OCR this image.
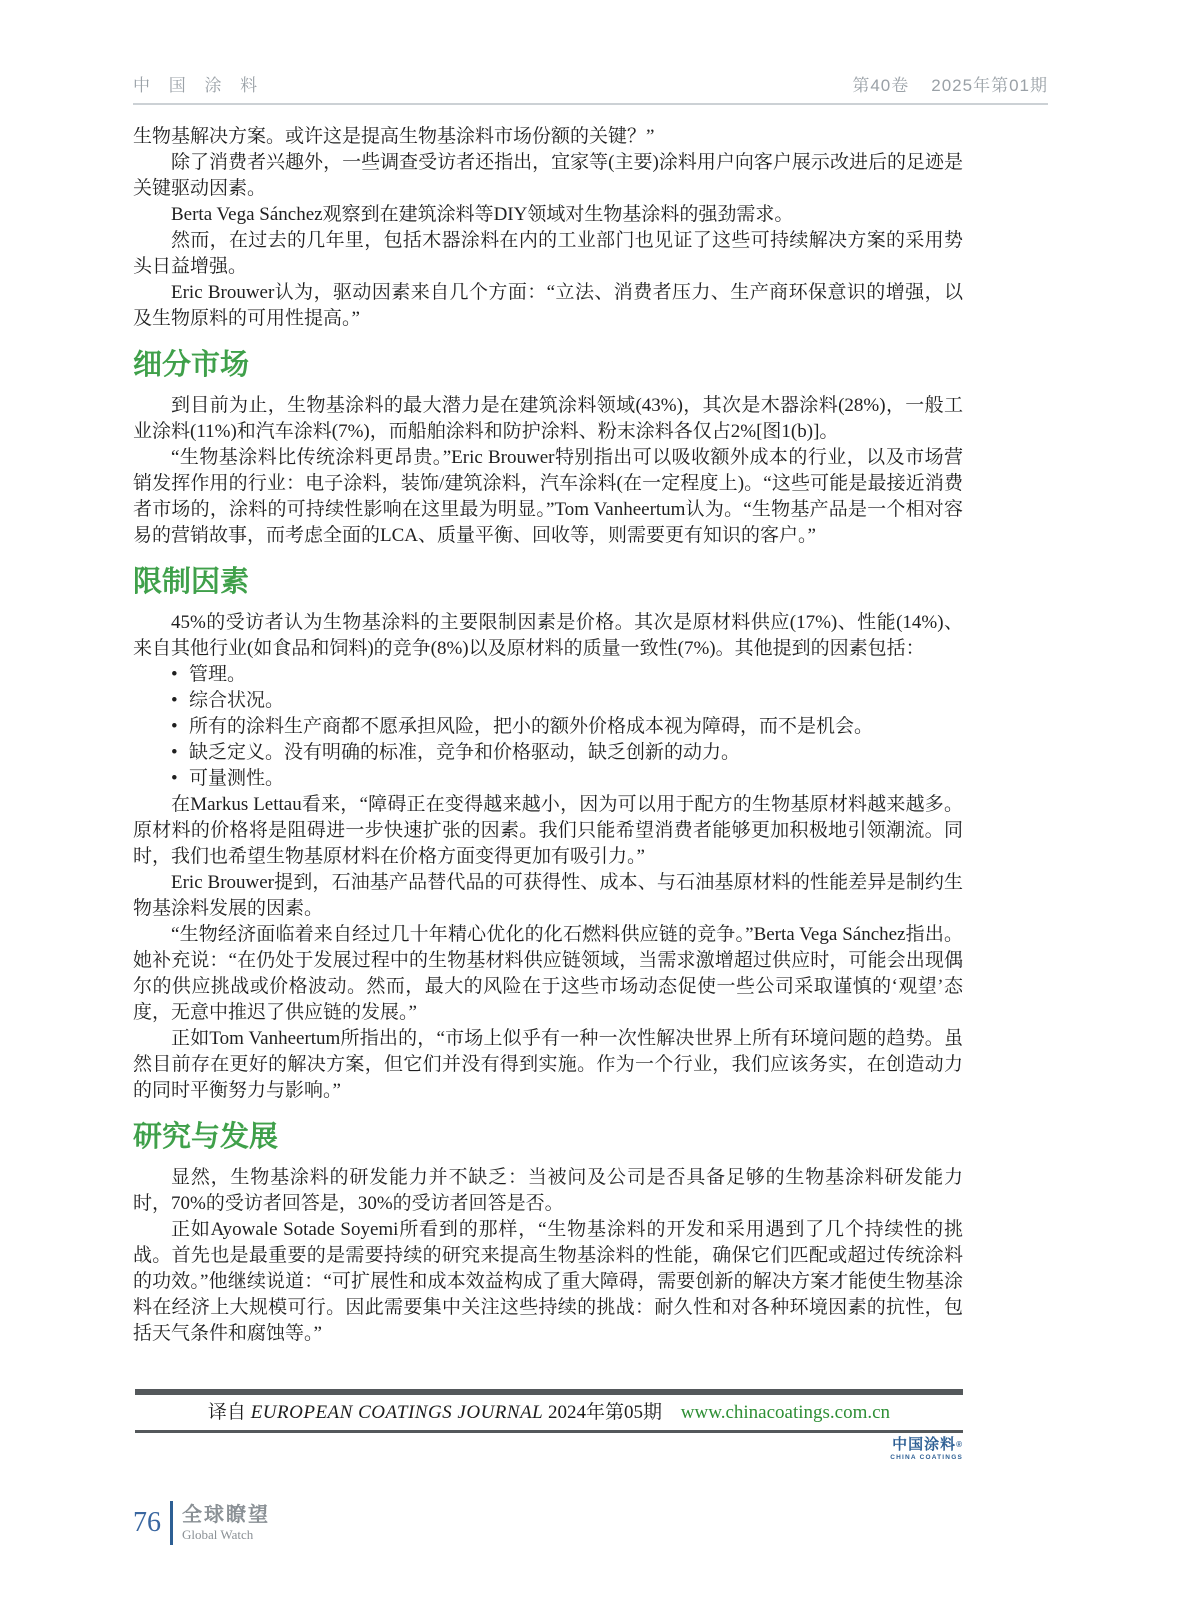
中 国 涂 料	第40卷 2025年第01期

生物基解决方案。或许这是提高生物基涂料市场份额的关键？”

除了消费者兴趣外，一些调查受访者还指出，宜家等(主要)涂料用户向客户展示改进后的足迹是关键驱动因素。

Berta Vega Sánchez观察到在建筑涂料等DIY领域对生物基涂料的强劲需求。

然而，在过去的几年里，包括木器涂料在内的工业部门也见证了这些可持续解决方案的采用势头日益增强。

Eric Brouwer认为，驱动因素来自几个方面：“立法、消费者压力、生产商环保意识的增强，以及生物原料的可用性提高。”

细分市场

到目前为止，生物基涂料的最大潜力是在建筑涂料领域(43%)，其次是木器涂料(28%)，一般工业涂料(11%)和汽车涂料(7%)，而船舶涂料和防护涂料、粉末涂料各仅占2%[图1(b)]。

“生物基涂料比传统涂料更昂贵。”Eric Brouwer特别指出可以吸收额外成本的行业，以及市场营销发挥作用的行业：电子涂料，装饰/建筑涂料，汽车涂料(在一定程度上)。“这些可能是最接近消费者市场的，涂料的可持续性影响在这里最为明显。”Tom Vanheertum认为。“生物基产品是一个相对容易的营销故事，而考虑全面的LCA、质量平衡、回收等，则需要更有知识的客户。”

限制因素

45%的受访者认为生物基涂料的主要限制因素是价格。其次是原材料供应(17%)、性能(14%)、来自其他行业(如食品和饲料)的竞争(8%)以及原材料的质量一致性(7%)。其他提到的因素包括：

• 管理。
• 综合状况。
• 所有的涂料生产商都不愿承担风险，把小的额外价格成本视为障碍，而不是机会。
• 缺乏定义。没有明确的标准，竞争和价格驱动，缺乏创新的动力。
• 可量测性。

在Markus Lettau看来，“障碍正在变得越来越小，因为可以用于配方的生物基原材料越来越多。原材料的价格将是阻碍进一步快速扩张的因素。我们只能希望消费者能够更加积极地引领潮流。同时，我们也希望生物基原材料在价格方面变得更加有吸引力。”

Eric Brouwer提到，石油基产品替代品的可获得性、成本、与石油基原材料的性能差异是制约生物基涂料发展的因素。

“生物经济面临着来自经过几十年精心优化的化石燃料供应链的竞争。”Berta Vega Sánchez指出。她补充说：“在仍处于发展过程中的生物基材料供应链领域，当需求激增超过供应时，可能会出现偶尔的供应挑战或价格波动。然而，最大的风险在于这些市场动态促使一些公司采取谨慎的‘观望’态度，无意中推迟了供应链的发展。”

正如Tom Vanheertum所指出的，“市场上似乎有一种一次性解决世界上所有环境问题的趋势。虽然目前存在更好的解决方案，但它们并没有得到实施。作为一个行业，我们应该务实，在创造动力的同时平衡努力与影响。”

研究与发展

显然，生物基涂料的研发能力并不缺乏：当被问及公司是否具备足够的生物基涂料研发能力时，70%的受访者回答是，30%的受访者回答是否。

正如Ayowale Sotade Soyemi所看到的那样，“生物基涂料的开发和采用遇到了几个持续性的挑战。首先也是最重要的是需要持续的研究来提高生物基涂料的性能，确保它们匹配或超过传统涂料的功效。”他继续说道：“可扩展性和成本效益构成了重大障碍，需要创新的解决方案才能使生物基涂料在经济上大规模可行。因此需要集中关注这些持续的挑战：耐久性和对各种环境因素的抗性，包括天气条件和腐蚀等。”

译自 EUROPEAN COATINGS JOURNAL 2024年第05期 www.chinacoatings.com.cn
中国涂料®
CHINA COATINGS
76	全球瞭望
Global Watch
